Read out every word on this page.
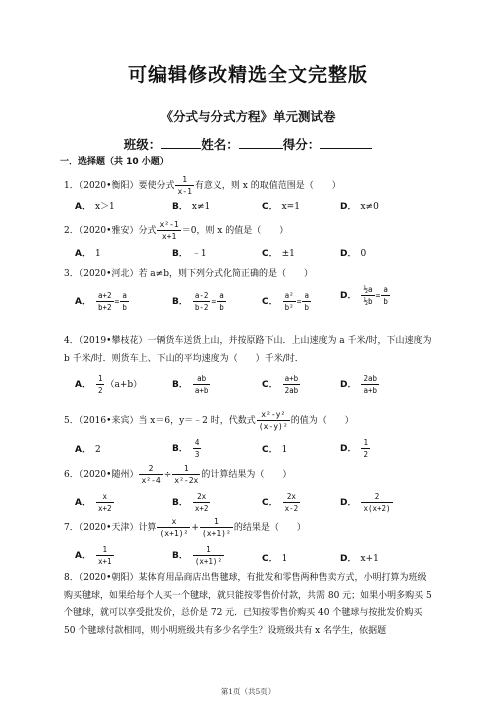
可编辑修改精选全文完整版
《分式与分式方程》单元测试卷
班级：	姓名：	得分：
一．选择题（共 10 小题）
1．（2020•衡阳）要使分式 $\frac{1}{x-1}$ 有意义，则 x 的取值范围是（　　）
A． x＞1	B． x≠1	C． x=1	D． x≠0
2．（2020•雅安）分式 $\frac{\text{x²-1}}{x+1} =0$，则 x 的值是（　　）
A． 1	B． ﹣1	C． ±1	D． 0
3．（2020•河北）若 a≠b，则下列分式化简正确的是（　　）
A． $\frac{a+2}{b+2} = \frac{a}{b}$	B． $\frac{a-2}{b-2} = \frac{a}{b}$	C． $\frac{\text{a²}}{\text{b²}} = \frac{a}{b}$	D． $\frac{\text{½a}}{\text{½b}} = \frac{a}{b}$
4．（2019•攀枝花）一辆货车送货上山，并按原路下山．上山速度为 a 千米/时，下山速度为 b 千米/时．则货车上、下山的平均速度为（　　）千米/时．
A． $\frac{1}{2} (a+b)$	B． $\frac{ab}{a+b}$	C． $\frac{a+b}{2ab}$	D． $\frac{2ab}{a+b}$
5．（2016•来宾）当 x＝6，y＝﹣2 时，代数式 $\frac{\text{x²-y²}}{\text{(x-y)²}}$ 的值为（　　）
A． 2	B． $\frac{4}{3}$	C． 1	D． $\frac{1}{2}$
6．（2020•随州） $\frac{2}{\text{x²-4}} \div \frac{1}{\text{x²-2x}}$ 的计算结果为（　　）
A． $\frac{x}{x+2}$	B． $\frac{2x}{x+2}$	C． $\frac{2x}{x-2}$	D． $\frac{2}{x(x+2)}$
7．（2020•天津）计算 $\frac{x}{\text{(x+1)²}} + \frac{1}{\text{(x+1)²}}$ 的结果是（　　）
A． $\frac{1}{x+1}$	B． $\frac{1}{\text{(x+1)²}}$	C． 1	D． x+1
8．（2020•朝阳）某体育用品商店出售毽球，有批发和零售两种售卖方式，小明打算为班级购买毽球，如果给每个人买一个毽球，就只能按零售价付款，共需 80 元；如果小明多购买 5 个毽球，就可以享受批发价，总价是 72 元．已知按零售价购买 40 个毽球与按批发价购买 50 个毽球付款相同，则小明班级共有多少名学生？设班级共有 x 名学生，依据题
第1页（共5页）
